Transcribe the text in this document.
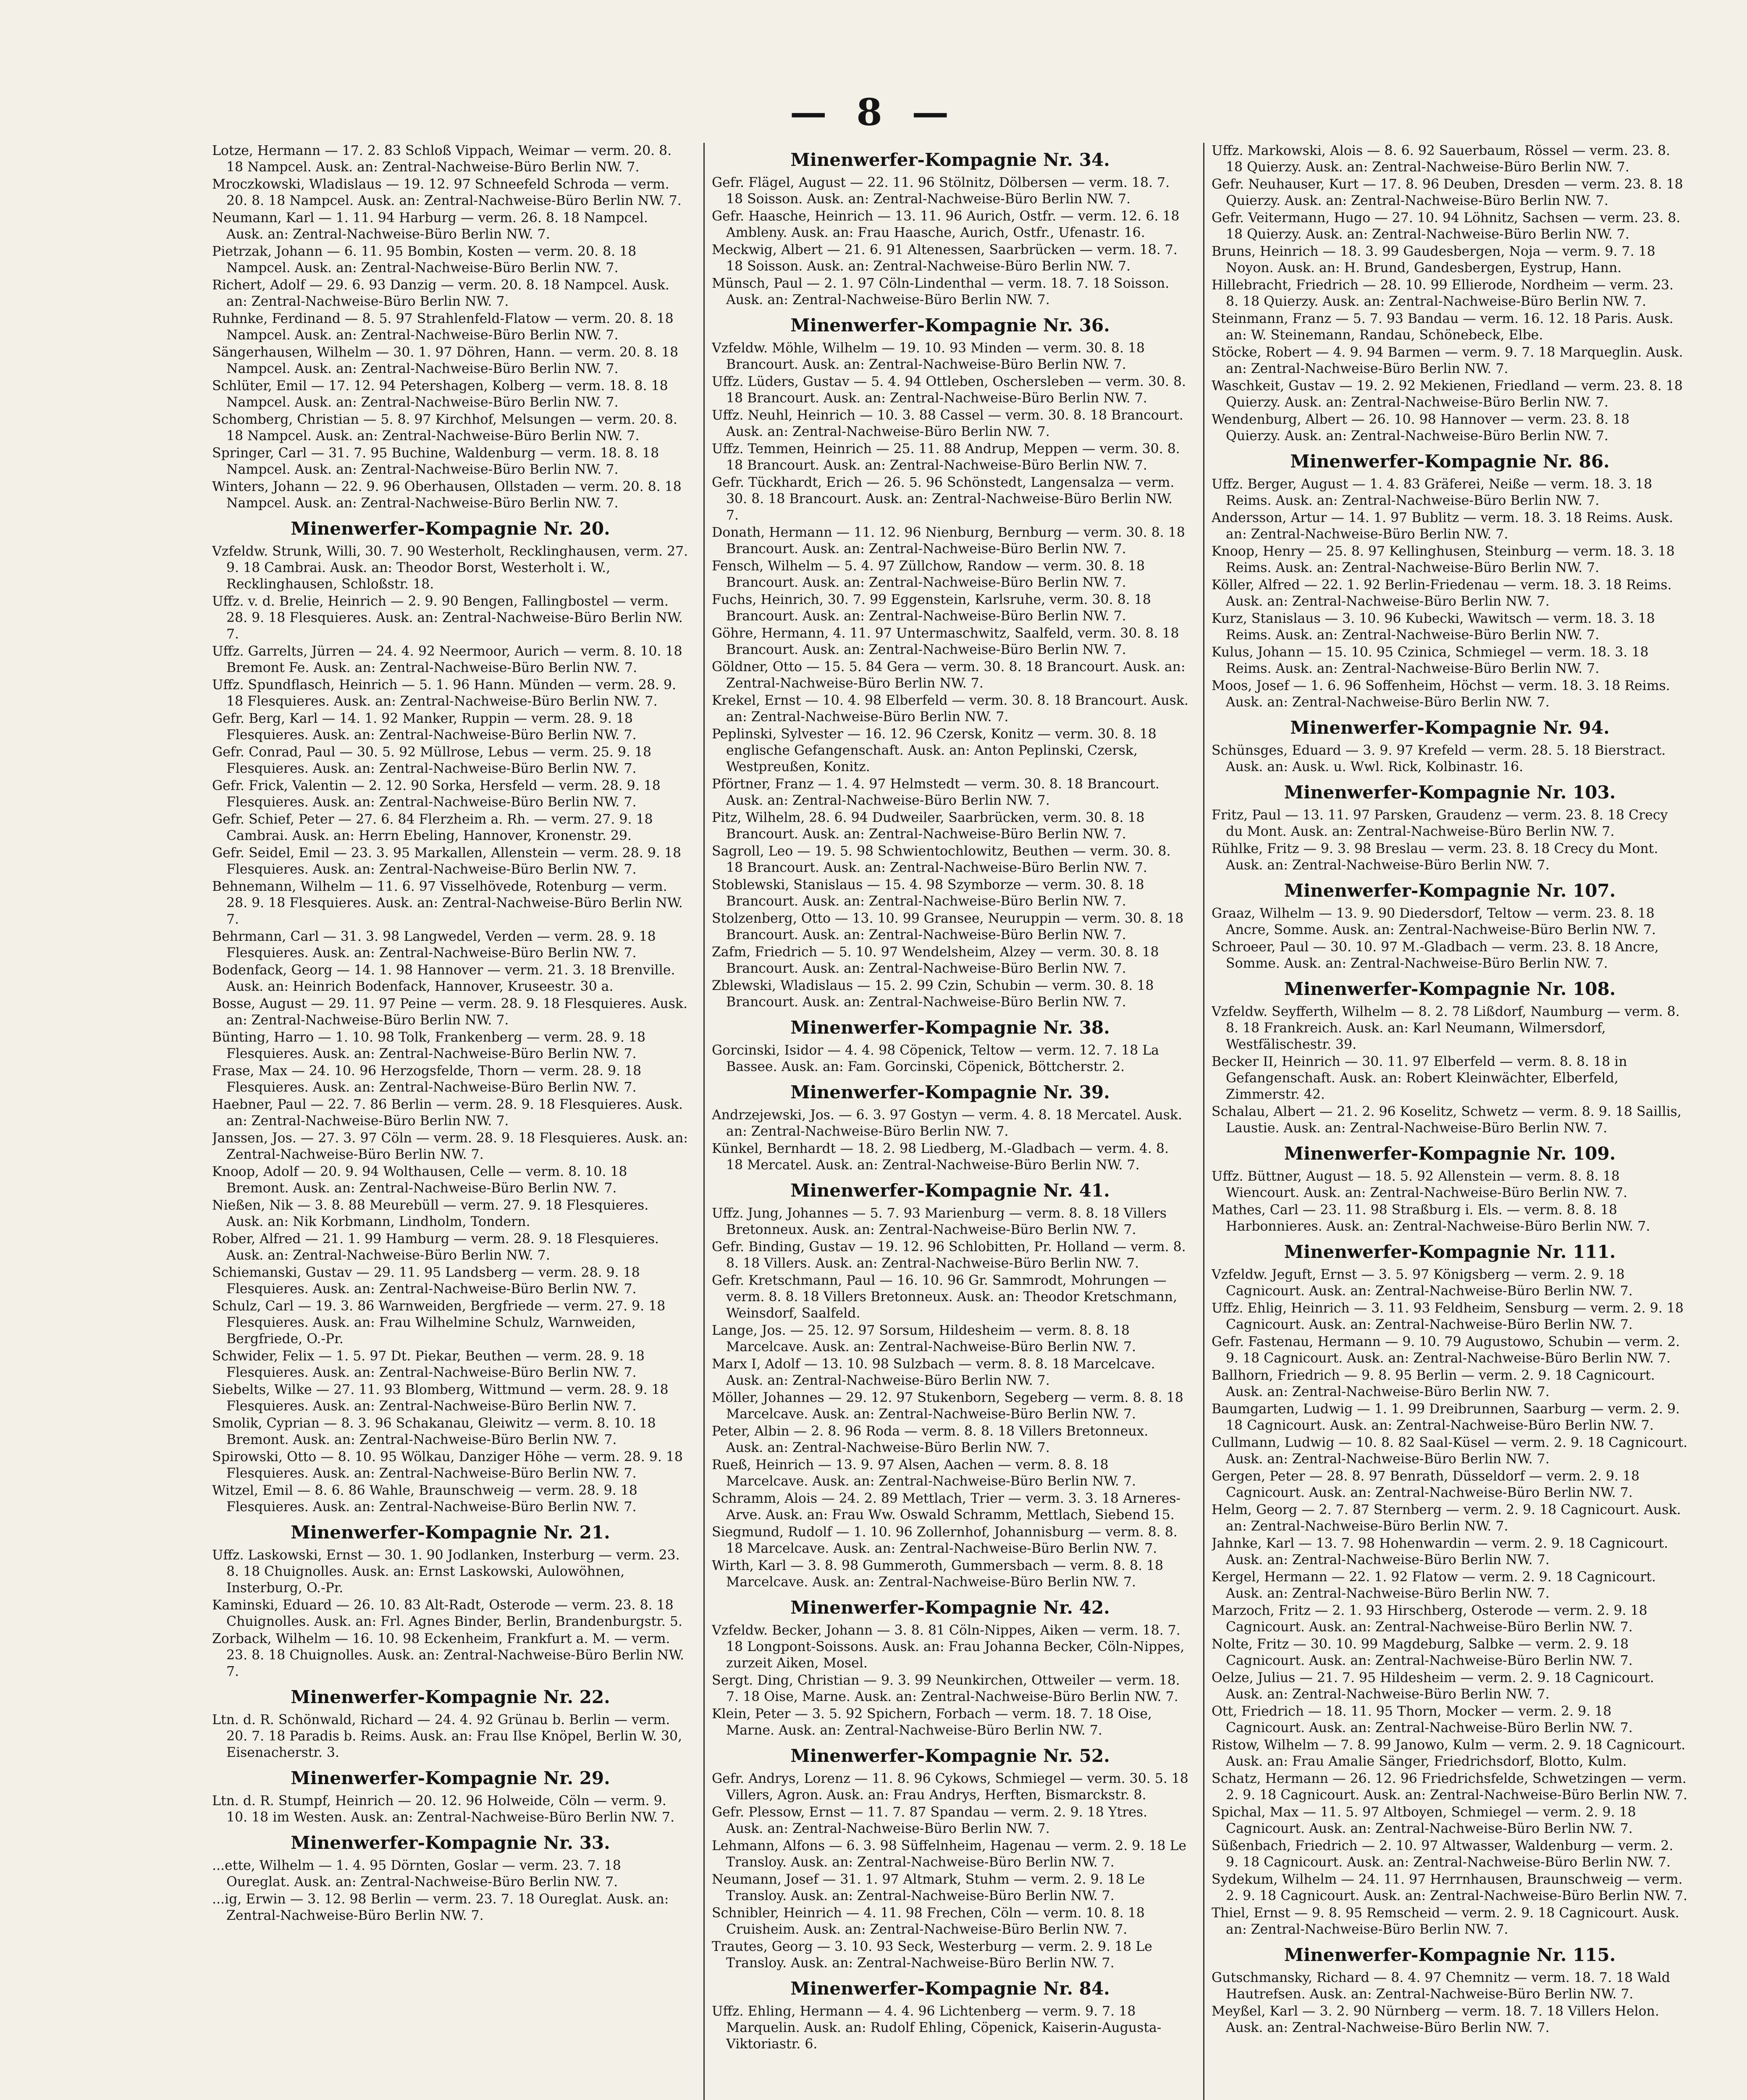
— 8 —
Lotze, Hermann — 17. 2. 83 Schloß Vippach, Weimar — verm. 20. 8. 18 Nampcel. Ausk. an: Zentral-Nachweise-Büro Berlin NW. 7.
Mroczkowski, Wladislaus — 19. 12. 97 Schneefeld Schroda — verm. 20. 8. 18 Nampcel. Ausk. an: Zentral-Nachweise-Büro Berlin NW. 7.
Neumann, Karl — 1. 11. 94 Harburg — verm. 26. 8. 18 Nampcel. Ausk. an: Zentral-Nachweise-Büro Berlin NW. 7.
Pietrzak, Johann — 6. 11. 95 Bombin, Kosten — verm. 20. 8. 18 Nampcel. Ausk. an: Zentral-Nachweise-Büro Berlin NW. 7.
Richert, Adolf — 29. 6. 93 Danzig — verm. 20. 8. 18 Nampcel. Ausk. an: Zentral-Nachweise-Büro Berlin NW. 7.
Ruhnke, Ferdinand — 8. 5. 97 Strahlenfeld-Flatow — verm. 20. 8. 18 Nampcel. Ausk. an: Zentral-Nachweise-Büro Berlin NW. 7.
Sängerhausen, Wilhelm — 30. 1. 97 Döhren, Hann. — verm. 20. 8. 18 Nampcel. Ausk. an: Zentral-Nachweise-Büro Berlin NW. 7.
Schlüter, Emil — 17. 12. 94 Petershagen, Kolberg — verm. 18. 8. 18 Nampcel. Ausk. an: Zentral-Nachweise-Büro Berlin NW. 7.
Schomberg, Christian — 5. 8. 97 Kirchhof, Melsungen — verm. 20. 8. 18 Nampcel. Ausk. an: Zentral-Nachweise-Büro Berlin NW. 7.
Springer, Carl — 31. 7. 95 Buchine, Waldenburg — verm. 18. 8. 18 Nampcel. Ausk. an: Zentral-Nachweise-Büro Berlin NW. 7.
Winters, Johann — 22. 9. 96 Oberhausen, Ollstaden — verm. 20. 8. 18 Nampcel. Ausk. an: Zentral-Nachweise-Büro Berlin NW. 7.
Minenwerfer-Kompagnie Nr. 20.
Vzfeldw. Strunk, Willi, 30. 7. 90 Westerholt, Recklinghausen, verm. 27. 9. 18 Cambrai. Ausk. an: Theodor Borst, Westerholt i. W., Recklinghausen, Schloßstr. 18.
Uffz. v. d. Brelie, Heinrich — 2. 9. 90 Bengen, Fallingbostel — verm. 28. 9. 18 Flesquieres. Ausk. an: Zentral-Nachweise-Büro Berlin NW. 7.
Uffz. Garrelts, Jürren — 24. 4. 92 Neermoor, Aurich — verm. 8. 10. 18 Bremont Fe. Ausk. an: Zentral-Nachweise-Büro Berlin NW. 7.
Uffz. Spundflasch, Heinrich — 5. 1. 96 Hann. Münden — verm. 28. 9. 18 Flesquieres. Ausk. an: Zentral-Nachweise-Büro Berlin NW. 7.
Gefr. Berg, Karl — 14. 1. 92 Manker, Ruppin — verm. 28. 9. 18 Flesquieres. Ausk. an: Zentral-Nachweise-Büro Berlin NW. 7.
Gefr. Conrad, Paul — 30. 5. 92 Müllrose, Lebus — verm. 25. 9. 18 Flesquieres. Ausk. an: Zentral-Nachweise-Büro Berlin NW. 7.
Gefr. Frick, Valentin — 2. 12. 90 Sorka, Hersfeld — verm. 28. 9. 18 Flesquieres. Ausk. an: Zentral-Nachweise-Büro Berlin NW. 7.
Gefr. Schief, Peter — 27. 6. 84 Flerzheim a. Rh. — verm. 27. 9. 18 Cambrai. Ausk. an: Herrn Ebeling, Hannover, Kronenstr. 29.
Gefr. Seidel, Emil — 23. 3. 95 Markallen, Allenstein — verm. 28. 9. 18 Flesquieres. Ausk. an: Zentral-Nachweise-Büro Berlin NW. 7.
Behnemann, Wilhelm — 11. 6. 97 Visselhövede, Rotenburg — verm. 28. 9. 18 Flesquieres. Ausk. an: Zentral-Nachweise-Büro Berlin NW. 7.
Behrmann, Carl — 31. 3. 98 Langwedel, Verden — verm. 28. 9. 18 Flesquieres. Ausk. an: Zentral-Nachweise-Büro Berlin NW. 7.
Bodenfack, Georg — 14. 1. 98 Hannover — verm. 21. 3. 18 Brenville. Ausk. an: Heinrich Bodenfack, Hannover, Kruseestr. 30 a.
Bosse, August — 29. 11. 97 Peine — verm. 28. 9. 18 Flesquieres. Ausk. an: Zentral-Nachweise-Büro Berlin NW. 7.
Bünting, Harro — 1. 10. 98 Tolk, Frankenberg — verm. 28. 9. 18 Flesquieres. Ausk. an: Zentral-Nachweise-Büro Berlin NW. 7.
Frase, Max — 24. 10. 96 Herzogsfelde, Thorn — verm. 28. 9. 18 Flesquieres. Ausk. an: Zentral-Nachweise-Büro Berlin NW. 7.
Haebner, Paul — 22. 7. 86 Berlin — verm. 28. 9. 18 Flesquieres. Ausk. an: Zentral-Nachweise-Büro Berlin NW. 7.
Janssen, Jos. — 27. 3. 97 Cöln — verm. 28. 9. 18 Flesquieres. Ausk. an: Zentral-Nachweise-Büro Berlin NW. 7.
Knoop, Adolf — 20. 9. 94 Wolthausen, Celle — verm. 8. 10. 18 Bremont. Ausk. an: Zentral-Nachweise-Büro Berlin NW. 7.
Nießen, Nik — 3. 8. 88 Meurebüll — verm. 27. 9. 18 Flesquieres. Ausk. an: Nik Korbmann, Lindholm, Tondern.
Rober, Alfred — 21. 1. 99 Hamburg — verm. 28. 9. 18 Flesquieres. Ausk. an: Zentral-Nachweise-Büro Berlin NW. 7.
Schiemanski, Gustav — 29. 11. 95 Landsberg — verm. 28. 9. 18 Flesquieres. Ausk. an: Zentral-Nachweise-Büro Berlin NW. 7.
Schulz, Carl — 19. 3. 86 Warnweiden, Bergfriede — verm. 27. 9. 18 Flesquieres. Ausk. an: Frau Wilhelmine Schulz, Warnweiden, Bergfriede, O.-Pr.
Schwider, Felix — 1. 5. 97 Dt. Piekar, Beuthen — verm. 28. 9. 18 Flesquieres. Ausk. an: Zentral-Nachweise-Büro Berlin NW. 7.
Siebelts, Wilke — 27. 11. 93 Blomberg, Wittmund — verm. 28. 9. 18 Flesquieres. Ausk. an: Zentral-Nachweise-Büro Berlin NW. 7.
Smolik, Cyprian — 8. 3. 96 Schakanau, Gleiwitz — verm. 8. 10. 18 Bremont. Ausk. an: Zentral-Nachweise-Büro Berlin NW. 7.
Spirowski, Otto — 8. 10. 95 Wölkau, Danziger Höhe — verm. 28. 9. 18 Flesquieres. Ausk. an: Zentral-Nachweise-Büro Berlin NW. 7.
Witzel, Emil — 8. 6. 86 Wahle, Braunschweig — verm. 28. 9. 18 Flesquieres. Ausk. an: Zentral-Nachweise-Büro Berlin NW. 7.
Minenwerfer-Kompagnie Nr. 21.
Uffz. Laskowski, Ernst — 30. 1. 90 Jodlanken, Insterburg — verm. 23. 8. 18 Chuignolles. Ausk. an: Ernst Laskowski, Aulowöhnen, Insterburg, O.-Pr.
Kaminski, Eduard — 26. 10. 83 Alt-Radt, Osterode — verm. 23. 8. 18 Chuignolles. Ausk. an: Frl. Agnes Binder, Berlin, Brandenburgstr. 5.
Zorback, Wilhelm — 16. 10. 98 Eckenheim, Frankfurt a. M. — verm. 23. 8. 18 Chuignolles. Ausk. an: Zentral-Nachweise-Büro Berlin NW. 7.
Minenwerfer-Kompagnie Nr. 22.
Ltn. d. R. Schönwald, Richard — 24. 4. 92 Grünau b. Berlin — verm. 20. 7. 18 Paradis b. Reims. Ausk. an: Frau Ilse Knöpel, Berlin W. 30, Eisenacherstr. 3.
Minenwerfer-Kompagnie Nr. 29.
Ltn. d. R. Stumpf, Heinrich — 20. 12. 96 Holweide, Cöln — verm. 9. 10. 18 im Westen. Ausk. an: Zentral-Nachweise-Büro Berlin NW. 7.
Minenwerfer-Kompagnie Nr. 33.
...ette, Wilhelm — 1. 4. 95 Dörnten, Goslar — verm. 23. 7. 18 Oureglat. Ausk. an: Zentral-Nachweise-Büro Berlin NW. 7.
...ig, Erwin — 3. 12. 98 Berlin — verm. 23. 7. 18 Oureglat. Ausk. an: Zentral-Nachweise-Büro Berlin NW. 7.
Minenwerfer-Kompagnie Nr. 34.
Gefr. Flägel, August — 22. 11. 96 Stölnitz, Dölbersen — verm. 18. 7. 18 Soisson. Ausk. an: Zentral-Nachweise-Büro Berlin NW. 7.
Gefr. Haasche, Heinrich — 13. 11. 96 Aurich, Ostfr. — verm. 12. 6. 18 Ambleny. Ausk. an: Frau Haasche, Aurich, Ostfr., Ufenastr. 16.
Meckwig, Albert — 21. 6. 91 Altenessen, Saarbrücken — verm. 18. 7. 18 Soisson. Ausk. an: Zentral-Nachweise-Büro Berlin NW. 7.
Münsch, Paul — 2. 1. 97 Cöln-Lindenthal — verm. 18. 7. 18 Soisson. Ausk. an: Zentral-Nachweise-Büro Berlin NW. 7.
Minenwerfer-Kompagnie Nr. 36.
Vzfeldw. Möhle, Wilhelm — 19. 10. 93 Minden — verm. 30. 8. 18 Brancourt. Ausk. an: Zentral-Nachweise-Büro Berlin NW. 7.
Uffz. Lüders, Gustav — 5. 4. 94 Ottleben, Oschersleben — verm. 30. 8. 18 Brancourt. Ausk. an: Zentral-Nachweise-Büro Berlin NW. 7.
Uffz. Neuhl, Heinrich — 10. 3. 88 Cassel — verm. 30. 8. 18 Brancourt. Ausk. an: Zentral-Nachweise-Büro Berlin NW. 7.
Uffz. Temmen, Heinrich — 25. 11. 88 Andrup, Meppen — verm. 30. 8. 18 Brancourt. Ausk. an: Zentral-Nachweise-Büro Berlin NW. 7.
Gefr. Tückhardt, Erich — 26. 5. 96 Schönstedt, Langensalza — verm. 30. 8. 18 Brancourt. Ausk. an: Zentral-Nachweise-Büro Berlin NW. 7.
Donath, Hermann — 11. 12. 96 Nienburg, Bernburg — verm. 30. 8. 18 Brancourt. Ausk. an: Zentral-Nachweise-Büro Berlin NW. 7.
Fensch, Wilhelm — 5. 4. 97 Züllchow, Randow — verm. 30. 8. 18 Brancourt. Ausk. an: Zentral-Nachweise-Büro Berlin NW. 7.
Fuchs, Heinrich, 30. 7. 99 Eggenstein, Karlsruhe, verm. 30. 8. 18 Brancourt. Ausk. an: Zentral-Nachweise-Büro Berlin NW. 7.
Göhre, Hermann, 4. 11. 97 Untermaschwitz, Saalfeld, verm. 30. 8. 18 Brancourt. Ausk. an: Zentral-Nachweise-Büro Berlin NW. 7.
Göldner, Otto — 15. 5. 84 Gera — verm. 30. 8. 18 Brancourt. Ausk. an: Zentral-Nachweise-Büro Berlin NW. 7.
Krekel, Ernst — 10. 4. 98 Elberfeld — verm. 30. 8. 18 Brancourt. Ausk. an: Zentral-Nachweise-Büro Berlin NW. 7.
Peplinski, Sylvester — 16. 12. 96 Czersk, Konitz — verm. 30. 8. 18 englische Gefangenschaft. Ausk. an: Anton Peplinski, Czersk, Westpreußen, Konitz.
Pförtner, Franz — 1. 4. 97 Helmstedt — verm. 30. 8. 18 Brancourt. Ausk. an: Zentral-Nachweise-Büro Berlin NW. 7.
Pitz, Wilhelm, 28. 6. 94 Dudweiler, Saarbrücken, verm. 30. 8. 18 Brancourt. Ausk. an: Zentral-Nachweise-Büro Berlin NW. 7.
Sagroll, Leo — 19. 5. 98 Schwientochlowitz, Beuthen — verm. 30. 8. 18 Brancourt. Ausk. an: Zentral-Nachweise-Büro Berlin NW. 7.
Stoblewski, Stanislaus — 15. 4. 98 Szymborze — verm. 30. 8. 18 Brancourt. Ausk. an: Zentral-Nachweise-Büro Berlin NW. 7.
Stolzenberg, Otto — 13. 10. 99 Gransee, Neuruppin — verm. 30. 8. 18 Brancourt. Ausk. an: Zentral-Nachweise-Büro Berlin NW. 7.
Zafm, Friedrich — 5. 10. 97 Wendelsheim, Alzey — verm. 30. 8. 18 Brancourt. Ausk. an: Zentral-Nachweise-Büro Berlin NW. 7.
Zblewski, Wladislaus — 15. 2. 99 Czin, Schubin — verm. 30. 8. 18 Brancourt. Ausk. an: Zentral-Nachweise-Büro Berlin NW. 7.
Minenwerfer-Kompagnie Nr. 38.
Gorcinski, Isidor — 4. 4. 98 Cöpenick, Teltow — verm. 12. 7. 18 La Bassee. Ausk. an: Fam. Gorcinski, Cöpenick, Böttcherstr. 2.
Minenwerfer-Kompagnie Nr. 39.
Andrzejewski, Jos. — 6. 3. 97 Gostyn — verm. 4. 8. 18 Mercatel. Ausk. an: Zentral-Nachweise-Büro Berlin NW. 7.
Künkel, Bernhardt — 18. 2. 98 Liedberg, M.-Gladbach — verm. 4. 8. 18 Mercatel. Ausk. an: Zentral-Nachweise-Büro Berlin NW. 7.
Minenwerfer-Kompagnie Nr. 41.
Uffz. Jung, Johannes — 5. 7. 93 Marienburg — verm. 8. 8. 18 Villers Bretonneux. Ausk. an: Zentral-Nachweise-Büro Berlin NW. 7.
Gefr. Binding, Gustav — 19. 12. 96 Schlobitten, Pr. Holland — verm. 8. 8. 18 Villers. Ausk. an: Zentral-Nachweise-Büro Berlin NW. 7.
Gefr. Kretschmann, Paul — 16. 10. 96 Gr. Sammrodt, Mohrungen — verm. 8. 8. 18 Villers Bretonneux. Ausk. an: Theodor Kretschmann, Weinsdorf, Saalfeld.
Lange, Jos. — 25. 12. 97 Sorsum, Hildesheim — verm. 8. 8. 18 Marcelcave. Ausk. an: Zentral-Nachweise-Büro Berlin NW. 7.
Marx I, Adolf — 13. 10. 98 Sulzbach — verm. 8. 8. 18 Marcelcave. Ausk. an: Zentral-Nachweise-Büro Berlin NW. 7.
Möller, Johannes — 29. 12. 97 Stukenborn, Segeberg — verm. 8. 8. 18 Marcelcave. Ausk. an: Zentral-Nachweise-Büro Berlin NW. 7.
Peter, Albin — 2. 8. 96 Roda — verm. 8. 8. 18 Villers Bretonneux. Ausk. an: Zentral-Nachweise-Büro Berlin NW. 7.
Rueß, Heinrich — 13. 9. 97 Alsen, Aachen — verm. 8. 8. 18 Marcelcave. Ausk. an: Zentral-Nachweise-Büro Berlin NW. 7.
Schramm, Alois — 24. 2. 89 Mettlach, Trier — verm. 3. 3. 18 Arneres-Arve. Ausk. an: Frau Ww. Oswald Schramm, Mettlach, Siebend 15.
Siegmund, Rudolf — 1. 10. 96 Zollernhof, Johannisburg — verm. 8. 8. 18 Marcelcave. Ausk. an: Zentral-Nachweise-Büro Berlin NW. 7.
Wirth, Karl — 3. 8. 98 Gummeroth, Gummersbach — verm. 8. 8. 18 Marcelcave. Ausk. an: Zentral-Nachweise-Büro Berlin NW. 7.
Minenwerfer-Kompagnie Nr. 42.
Vzfeldw. Becker, Johann — 3. 8. 81 Cöln-Nippes, Aiken — verm. 18. 7. 18 Longpont-Soissons. Ausk. an: Frau Johanna Becker, Cöln-Nippes, zurzeit Aiken, Mosel.
Sergt. Ding, Christian — 9. 3. 99 Neunkirchen, Ottweiler — verm. 18. 7. 18 Oise, Marne. Ausk. an: Zentral-Nachweise-Büro Berlin NW. 7.
Klein, Peter — 3. 5. 92 Spichern, Forbach — verm. 18. 7. 18 Oise, Marne. Ausk. an: Zentral-Nachweise-Büro Berlin NW. 7.
Minenwerfer-Kompagnie Nr. 52.
Gefr. Andrys, Lorenz — 11. 8. 96 Cykows, Schmiegel — verm. 30. 5. 18 Villers, Agron. Ausk. an: Frau Andrys, Herften, Bismarckstr. 8.
Gefr. Plessow, Ernst — 11. 7. 87 Spandau — verm. 2. 9. 18 Ytres. Ausk. an: Zentral-Nachweise-Büro Berlin NW. 7.
Lehmann, Alfons — 6. 3. 98 Süffelnheim, Hagenau — verm. 2. 9. 18 Le Transloy. Ausk. an: Zentral-Nachweise-Büro Berlin NW. 7.
Neumann, Josef — 31. 1. 97 Altmark, Stuhm — verm. 2. 9. 18 Le Transloy. Ausk. an: Zentral-Nachweise-Büro Berlin NW. 7.
Schnibler, Heinrich — 4. 11. 98 Frechen, Cöln — verm. 10. 8. 18 Cruisheim. Ausk. an: Zentral-Nachweise-Büro Berlin NW. 7.
Trautes, Georg — 3. 10. 93 Seck, Westerburg — verm. 2. 9. 18 Le Transloy. Ausk. an: Zentral-Nachweise-Büro Berlin NW. 7.
Minenwerfer-Kompagnie Nr. 84.
Uffz. Ehling, Hermann — 4. 4. 96 Lichtenberg — verm. 9. 7. 18 Marquelin. Ausk. an: Rudolf Ehling, Cöpenick, Kaiserin-Augusta-Viktoriastr. 6.
Uffz. Markowski, Alois — 8. 6. 92 Sauerbaum, Rössel — verm. 23. 8. 18 Quierzy. Ausk. an: Zentral-Nachweise-Büro Berlin NW. 7.
Gefr. Neuhauser, Kurt — 17. 8. 96 Deuben, Dresden — verm. 23. 8. 18 Quierzy. Ausk. an: Zentral-Nachweise-Büro Berlin NW. 7.
Gefr. Veitermann, Hugo — 27. 10. 94 Löhnitz, Sachsen — verm. 23. 8. 18 Quierzy. Ausk. an: Zentral-Nachweise-Büro Berlin NW. 7.
Bruns, Heinrich — 18. 3. 99 Gaudesbergen, Noja — verm. 9. 7. 18 Noyon. Ausk. an: H. Brund, Gandesbergen, Eystrup, Hann.
Hillebracht, Friedrich — 28. 10. 99 Ellierode, Nordheim — verm. 23. 8. 18 Quierzy. Ausk. an: Zentral-Nachweise-Büro Berlin NW. 7.
Steinmann, Franz — 5. 7. 93 Bandau — verm. 16. 12. 18 Paris. Ausk. an: W. Steinemann, Randau, Schönebeck, Elbe.
Stöcke, Robert — 4. 9. 94 Barmen — verm. 9. 7. 18 Marqueglin. Ausk. an: Zentral-Nachweise-Büro Berlin NW. 7.
Waschkeit, Gustav — 19. 2. 92 Mekienen, Friedland — verm. 23. 8. 18 Quierzy. Ausk. an: Zentral-Nachweise-Büro Berlin NW. 7.
Wendenburg, Albert — 26. 10. 98 Hannover — verm. 23. 8. 18 Quierzy. Ausk. an: Zentral-Nachweise-Büro Berlin NW. 7.
Minenwerfer-Kompagnie Nr. 86.
Uffz. Berger, August — 1. 4. 83 Gräferei, Neiße — verm. 18. 3. 18 Reims. Ausk. an: Zentral-Nachweise-Büro Berlin NW. 7.
Andersson, Artur — 14. 1. 97 Bublitz — verm. 18. 3. 18 Reims. Ausk. an: Zentral-Nachweise-Büro Berlin NW. 7.
Knoop, Henry — 25. 8. 97 Kellinghusen, Steinburg — verm. 18. 3. 18 Reims. Ausk. an: Zentral-Nachweise-Büro Berlin NW. 7.
Köller, Alfred — 22. 1. 92 Berlin-Friedenau — verm. 18. 3. 18 Reims. Ausk. an: Zentral-Nachweise-Büro Berlin NW. 7.
Kurz, Stanislaus — 3. 10. 96 Kubecki, Wawitsch — verm. 18. 3. 18 Reims. Ausk. an: Zentral-Nachweise-Büro Berlin NW. 7.
Kulus, Johann — 15. 10. 95 Czinica, Schmiegel — verm. 18. 3. 18 Reims. Ausk. an: Zentral-Nachweise-Büro Berlin NW. 7.
Moos, Josef — 1. 6. 96 Soffenheim, Höchst — verm. 18. 3. 18 Reims. Ausk. an: Zentral-Nachweise-Büro Berlin NW. 7.
Minenwerfer-Kompagnie Nr. 94.
Schünsges, Eduard — 3. 9. 97 Krefeld — verm. 28. 5. 18 Bierstract. Ausk. an: Ausk. u. Wwl. Rick, Kolbinastr. 16.
Minenwerfer-Kompagnie Nr. 103.
Fritz, Paul — 13. 11. 97 Parsken, Graudenz — verm. 23. 8. 18 Crecy du Mont. Ausk. an: Zentral-Nachweise-Büro Berlin NW. 7.
Rühlke, Fritz — 9. 3. 98 Breslau — verm. 23. 8. 18 Crecy du Mont. Ausk. an: Zentral-Nachweise-Büro Berlin NW. 7.
Minenwerfer-Kompagnie Nr. 107.
Graaz, Wilhelm — 13. 9. 90 Diedersdorf, Teltow — verm. 23. 8. 18 Ancre, Somme. Ausk. an: Zentral-Nachweise-Büro Berlin NW. 7.
Schroeer, Paul — 30. 10. 97 M.-Gladbach — verm. 23. 8. 18 Ancre, Somme. Ausk. an: Zentral-Nachweise-Büro Berlin NW. 7.
Minenwerfer-Kompagnie Nr. 108.
Vzfeldw. Seyfferth, Wilhelm — 8. 2. 78 Lißdorf, Naumburg — verm. 8. 8. 18 Frankreich. Ausk. an: Karl Neumann, Wilmersdorf, Westfälischestr. 39.
Becker II, Heinrich — 30. 11. 97 Elberfeld — verm. 8. 8. 18 in Gefangenschaft. Ausk. an: Robert Kleinwächter, Elberfeld, Zimmerstr. 42.
Schalau, Albert — 21. 2. 96 Koselitz, Schwetz — verm. 8. 9. 18 Saillis, Laustie. Ausk. an: Zentral-Nachweise-Büro Berlin NW. 7.
Minenwerfer-Kompagnie Nr. 109.
Uffz. Büttner, August — 18. 5. 92 Allenstein — verm. 8. 8. 18 Wiencourt. Ausk. an: Zentral-Nachweise-Büro Berlin NW. 7.
Mathes, Carl — 23. 11. 98 Straßburg i. Els. — verm. 8. 8. 18 Harbonnieres. Ausk. an: Zentral-Nachweise-Büro Berlin NW. 7.
Minenwerfer-Kompagnie Nr. 111.
Vzfeldw. Jeguft, Ernst — 3. 5. 97 Königsberg — verm. 2. 9. 18 Cagnicourt. Ausk. an: Zentral-Nachweise-Büro Berlin NW. 7.
Uffz. Ehlig, Heinrich — 3. 11. 93 Feldheim, Sensburg — verm. 2. 9. 18 Cagnicourt. Ausk. an: Zentral-Nachweise-Büro Berlin NW. 7.
Gefr. Fastenau, Hermann — 9. 10. 79 Augustowo, Schubin — verm. 2. 9. 18 Cagnicourt. Ausk. an: Zentral-Nachweise-Büro Berlin NW. 7.
Ballhorn, Friedrich — 9. 8. 95 Berlin — verm. 2. 9. 18 Cagnicourt. Ausk. an: Zentral-Nachweise-Büro Berlin NW. 7.
Baumgarten, Ludwig — 1. 1. 99 Dreibrunnen, Saarburg — verm. 2. 9. 18 Cagnicourt. Ausk. an: Zentral-Nachweise-Büro Berlin NW. 7.
Cullmann, Ludwig — 10. 8. 82 Saal-Küsel — verm. 2. 9. 18 Cagnicourt. Ausk. an: Zentral-Nachweise-Büro Berlin NW. 7.
Gergen, Peter — 28. 8. 97 Benrath, Düsseldorf — verm. 2. 9. 18 Cagnicourt. Ausk. an: Zentral-Nachweise-Büro Berlin NW. 7.
Helm, Georg — 2. 7. 87 Sternberg — verm. 2. 9. 18 Cagnicourt. Ausk. an: Zentral-Nachweise-Büro Berlin NW. 7.
Jahnke, Karl — 13. 7. 98 Hohenwardin — verm. 2. 9. 18 Cagnicourt. Ausk. an: Zentral-Nachweise-Büro Berlin NW. 7.
Kergel, Hermann — 22. 1. 92 Flatow — verm. 2. 9. 18 Cagnicourt. Ausk. an: Zentral-Nachweise-Büro Berlin NW. 7.
Marzoch, Fritz — 2. 1. 93 Hirschberg, Osterode — verm. 2. 9. 18 Cagnicourt. Ausk. an: Zentral-Nachweise-Büro Berlin NW. 7.
Nolte, Fritz — 30. 10. 99 Magdeburg, Salbke — verm. 2. 9. 18 Cagnicourt. Ausk. an: Zentral-Nachweise-Büro Berlin NW. 7.
Oelze, Julius — 21. 7. 95 Hildesheim — verm. 2. 9. 18 Cagnicourt. Ausk. an: Zentral-Nachweise-Büro Berlin NW. 7.
Ott, Friedrich — 18. 11. 95 Thorn, Mocker — verm. 2. 9. 18 Cagnicourt. Ausk. an: Zentral-Nachweise-Büro Berlin NW. 7.
Ristow, Wilhelm — 7. 8. 99 Janowo, Kulm — verm. 2. 9. 18 Cagnicourt. Ausk. an: Frau Amalie Sänger, Friedrichsdorf, Blotto, Kulm.
Schatz, Hermann — 26. 12. 96 Friedrichsfelde, Schwetzingen — verm. 2. 9. 18 Cagnicourt. Ausk. an: Zentral-Nachweise-Büro Berlin NW. 7.
Spichal, Max — 11. 5. 97 Altboyen, Schmiegel — verm. 2. 9. 18 Cagnicourt. Ausk. an: Zentral-Nachweise-Büro Berlin NW. 7.
Süßenbach, Friedrich — 2. 10. 97 Altwasser, Waldenburg — verm. 2. 9. 18 Cagnicourt. Ausk. an: Zentral-Nachweise-Büro Berlin NW. 7.
Sydekum, Wilhelm — 24. 11. 97 Herrnhausen, Braunschweig — verm. 2. 9. 18 Cagnicourt. Ausk. an: Zentral-Nachweise-Büro Berlin NW. 7.
Thiel, Ernst — 9. 8. 95 Remscheid — verm. 2. 9. 18 Cagnicourt. Ausk. an: Zentral-Nachweise-Büro Berlin NW. 7.
Minenwerfer-Kompagnie Nr. 115.
Gutschmansky, Richard — 8. 4. 97 Chemnitz — verm. 18. 7. 18 Wald Hautrefsen. Ausk. an: Zentral-Nachweise-Büro Berlin NW. 7.
Meyßel, Karl — 3. 2. 90 Nürnberg — verm. 18. 7. 18 Villers Helon. Ausk. an: Zentral-Nachweise-Büro Berlin NW. 7.
